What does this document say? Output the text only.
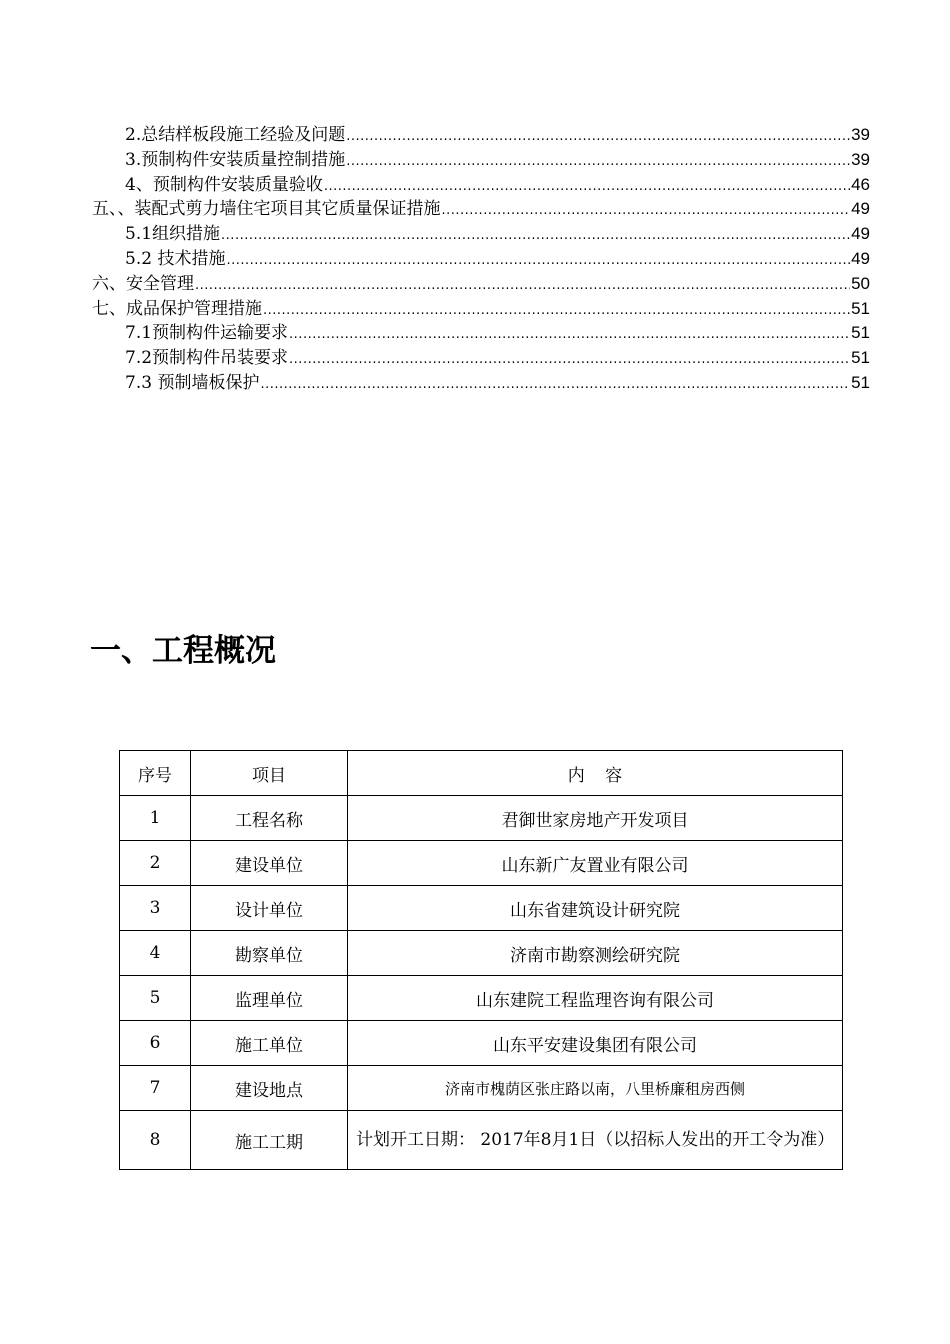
2.总结样板段施工经验及问题 .....	39
3.预制构件安装质量控制措施 .....	39
4、预制构件安装质量验收 .....	46
五、、装配式剪力墙住宅项目其它质量保证措施 .....	49
5.1组织措施 .....	49
5.2 技术措施 .....	49
六、安全管理 .....	50
七、成品保护管理措施 .....	51
7.1预制构件运输要求 .....	51
7.2预制构件吊装要求 .....	51
7.3 预制墙板保护 .....	51
一、工程概况
序号	项目	内容
1	工程名称	君御世家房地产开发项目
2	建设单位	山东新广友置业有限公司
3	设计单位	山东省建筑设计研究院
4	勘察单位	济南市勘察测绘研究院
5	监理单位	山东建院工程监理咨询有限公司
6	施工单位	山东平安建设集团有限公司
7	建设地点	济南市槐荫区张庄路以南，八里桥廉租房西侧
8	施工工期	计划开工日期： 2017年8月1日（以招标人发出的开工令为准）
